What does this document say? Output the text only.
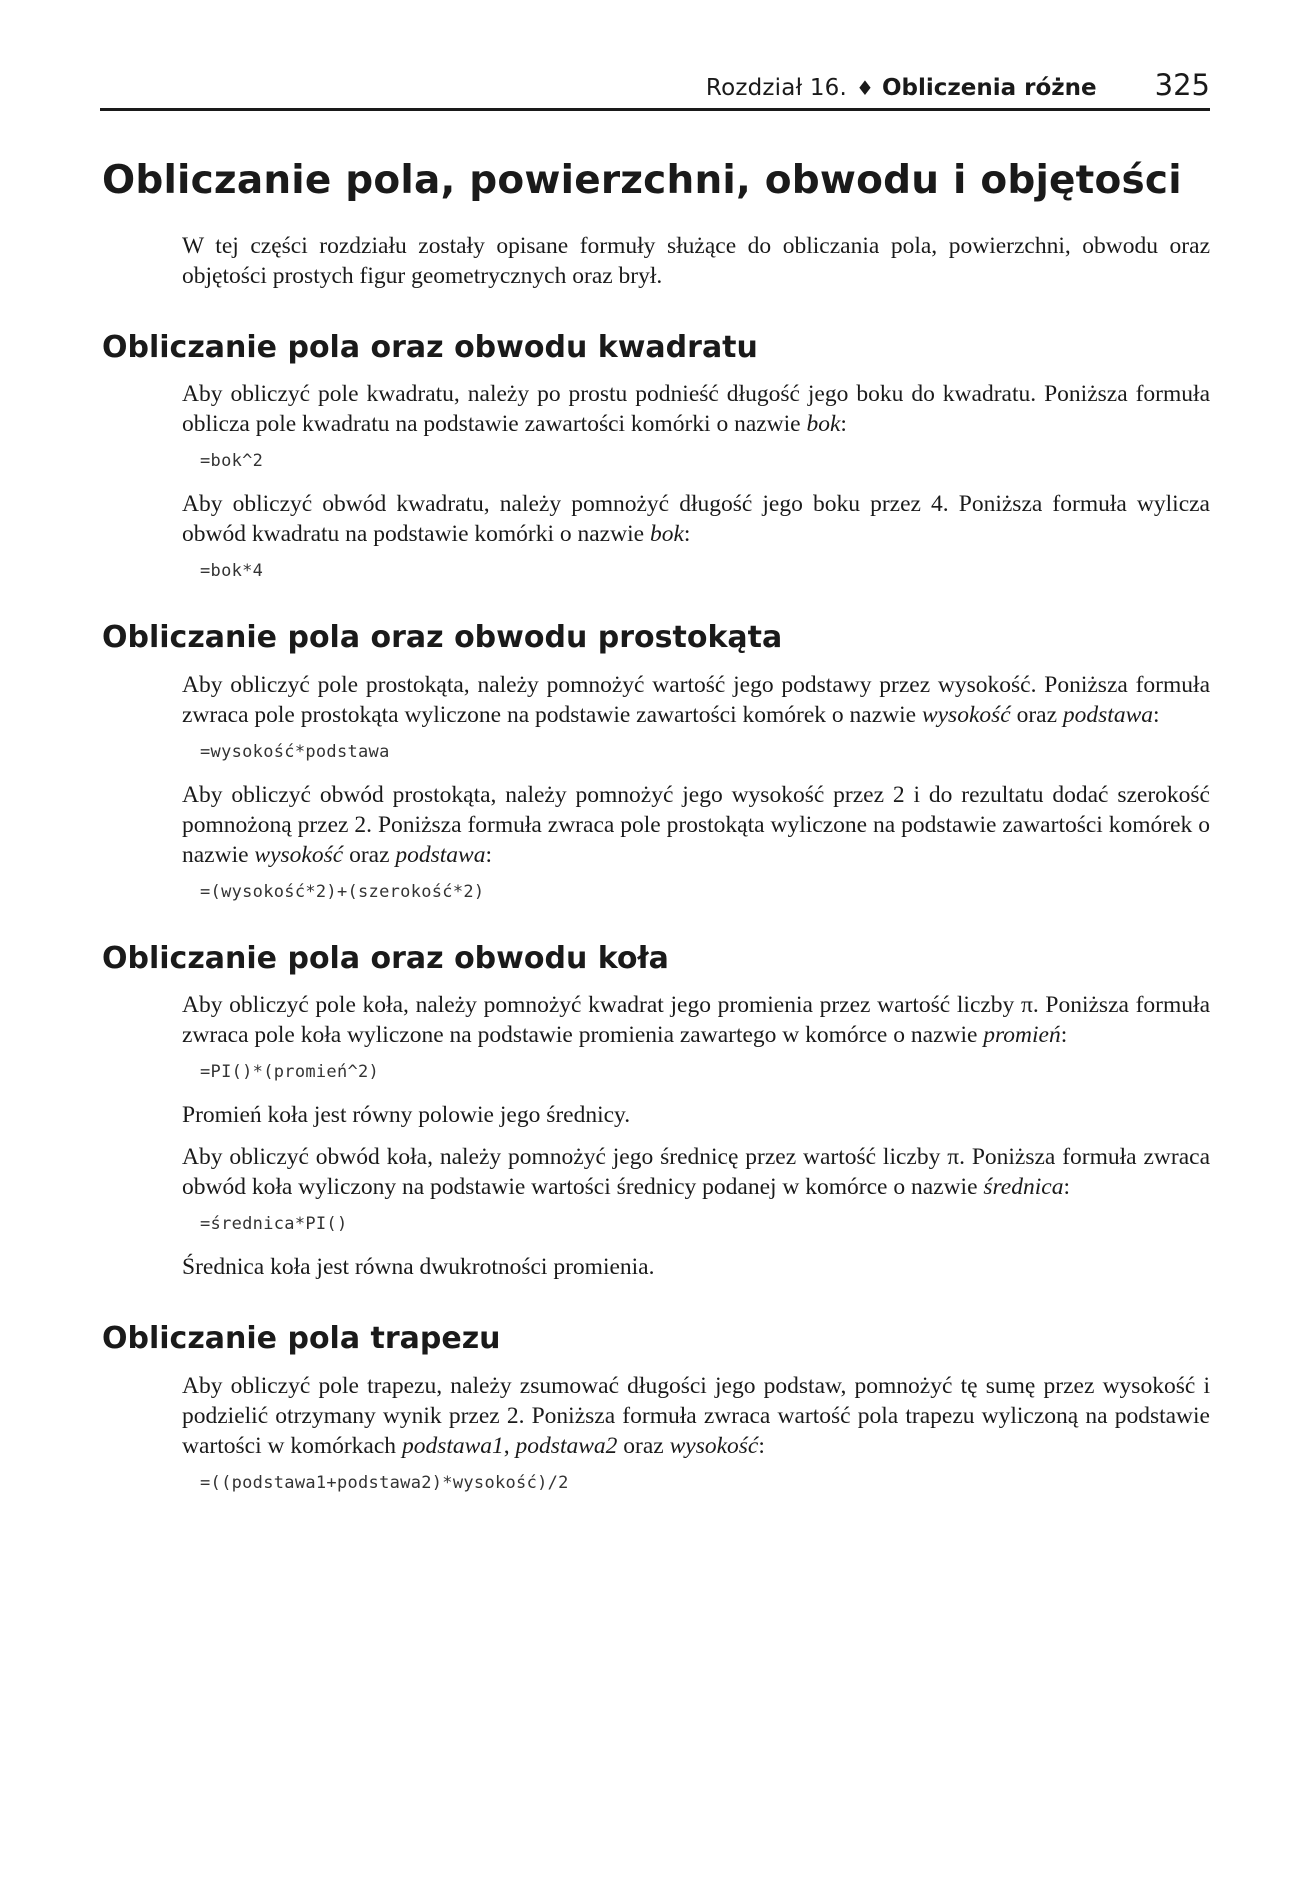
Rozdział 16. ♦ Obliczenia różne 325
Obliczanie pola, powierzchni, obwodu i objętości

W tej części rozdziału zostały opisane formuły służące do obliczania pola, powierzchni, obwodu oraz objętości prostych figur geometrycznych oraz brył.

Obliczanie pola oraz obwodu kwadratu

Aby obliczyć pole kwadratu, należy po prostu podnieść długość jego boku do kwadratu. Poniższa formuła oblicza pole kwadratu na podstawie zawartości komórki o nazwie bok:

=bok^2

Aby obliczyć obwód kwadratu, należy pomnożyć długość jego boku przez 4. Poniższa formuła wylicza obwód kwadratu na podstawie komórki o nazwie bok:

=bok*4
Obliczanie pola oraz obwodu prostokąta

Aby obliczyć pole prostokąta, należy pomnożyć wartość jego podstawy przez wysokość. Poniższa formuła zwraca pole prostokąta wyliczone na podstawie zawartości komórek o nazwie wysokość oraz podstawa:

=wysokość*podstawa

Aby obliczyć obwód prostokąta, należy pomnożyć jego wysokość przez 2 i do rezultatu dodać szerokość pomnożoną przez 2. Poniższa formuła zwraca pole prostokąta wyliczone na podstawie zawartości komórek o nazwie wysokość oraz podstawa:

=(wysokość*2)+(szerokość*2)
Obliczanie pola oraz obwodu koła

Aby obliczyć pole koła, należy pomnożyć kwadrat jego promienia przez wartość liczby π. Poniższa formuła zwraca pole koła wyliczone na podstawie promienia zawartego w komórce o nazwie promień:

=PI()*(promień^2)

Promień koła jest równy polowie jego średnicy.

Aby obliczyć obwód koła, należy pomnożyć jego średnicę przez wartość liczby π. Poniższa formuła zwraca obwód koła wyliczony na podstawie wartości średnicy podanej w komórce o nazwie średnica:

=średnica*PI()

Średnica koła jest równa dwukrotności promienia.

Obliczanie pola trapezu

Aby obliczyć pole trapezu, należy zsumować długości jego podstaw, pomnożyć tę sumę przez wysokość i podzielić otrzymany wynik przez 2. Poniższa formuła zwraca wartość pola trapezu wyliczoną na podstawie wartości w komórkach podstawa1, podstawa2 oraz wysokość:

=((podstawa1+podstawa2)*wysokość)/2
